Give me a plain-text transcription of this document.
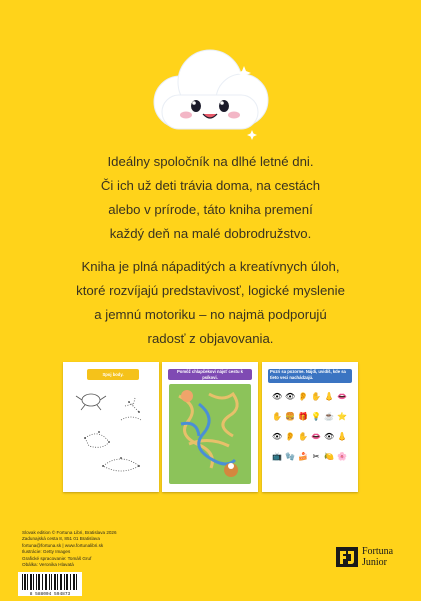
Ideálny spoločník na dlhé letné dni.
Či ich už deti trávia doma, na cestách
alebo v prírode, táto kniha premení
každý deň na malé dobrodružstvo.
Kniha je plná nápaditých a kreatívnych úloh,
ktoré rozvíjajú predstavivosť, logické myslenie
a jemnú motoriku – no najmä podporujú
radosť z objavovania.
Spoj body.
Pomôž chlapčekovi nájsť cestu k psíkovi.
Pozri sa pozorne. Nájdi, uvidíš, kde sa tieto veci nachádzajú.
👁 👁 👂 ✋ 👃 👄
✋ 🍔 🎁 💡 ☕ ⭐
👁 👂 ✋ 👄 👁 👃
📺 🧤 🍰 ✂ 🍋 🌸
Slovak edition © Fortuna Libri, Bratislava 2026
Zadunajská cesta 8, 851 01 Bratislava
fortuna@fortuna.sk | www.fortunalibri.sk
Ilustrácie: Getty Images
Grafické spracovanie: Tomáš Gruf
Obálka: Veronika Hlavatá
8 588004 594873
Fortuna
Junior
